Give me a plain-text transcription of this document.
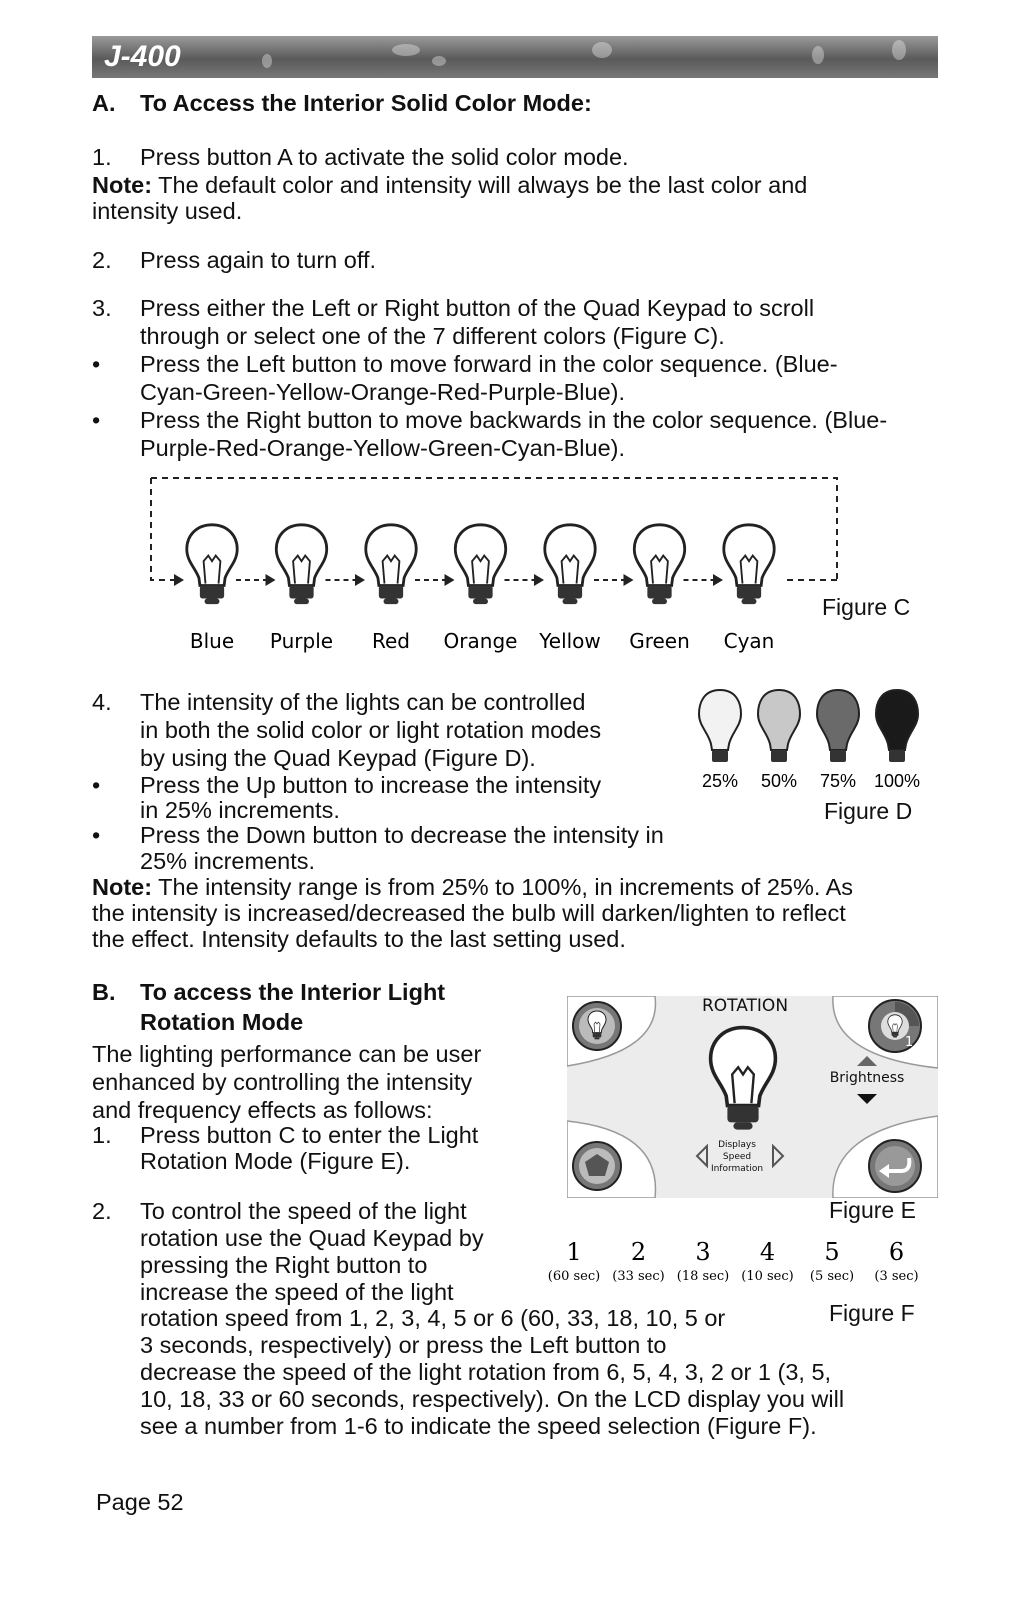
J-400
A. To Access the Interior Solid Color Mode:
1. Press button A to activate the solid color mode.
Note: The default color and intensity will always be the last color and
intensity used.
2. Press again to turn off.
3. Press either the Left or Right button of the Quad Keypad to scroll
through or select one of the 7 different colors (Figure C).
• Press the Left button to move forward in the color sequence. (Blue-
Cyan-Green-Yellow-Orange-Red-Purple-Blue).
• Press the Right button to move backwards in the color sequence. (Blue-
Purple-Red-Orange-Yellow-Green-Cyan-Blue).
Blue Purple Red Orange Yellow Green Cyan
Figure C
4. The intensity of the lights can be controlled
in both the solid color or light rotation modes
by using the Quad Keypad (Figure D).
• Press the Up button to increase the intensity
in 25% increments.
• Press the Down button to decrease the intensity in
25% increments.
Note: The intensity range is from 25% to 100%, in increments of 25%. As
the intensity is increased/decreased the bulb will darken/lighten to reflect
the effect. Intensity defaults to the last setting used.
25% 50% 75% 100%
Figure D
B. To access the Interior Light
Rotation Mode
The lighting performance can be user
enhanced by controlling the intensity
and frequency effects as follows:
1. Press button C to enter the Light
Rotation Mode (Figure E).
1
ROTATION
Brightness
Displays
Speed
Information
Figure E
2. To control the speed of the light
rotation use the Quad Keypad by
pressing the Right button to
increase the speed of the light
rotation speed from 1, 2, 3, 4, 5 or 6 (60, 33, 18, 10, 5 or
3 seconds, respectively) or press the Left button to
decrease the speed of the light rotation from 6, 5, 4, 3, 2 or 1 (3, 5,
10, 18, 33 or 60 seconds, respectively). On the LCD display you will
see a number from 1-6 to indicate the speed selection (Figure F).
1 2 3 4 5 6
(60 sec) (33 sec) (18 sec) (10 sec) (5 sec) (3 sec)
Figure F
Page 52
